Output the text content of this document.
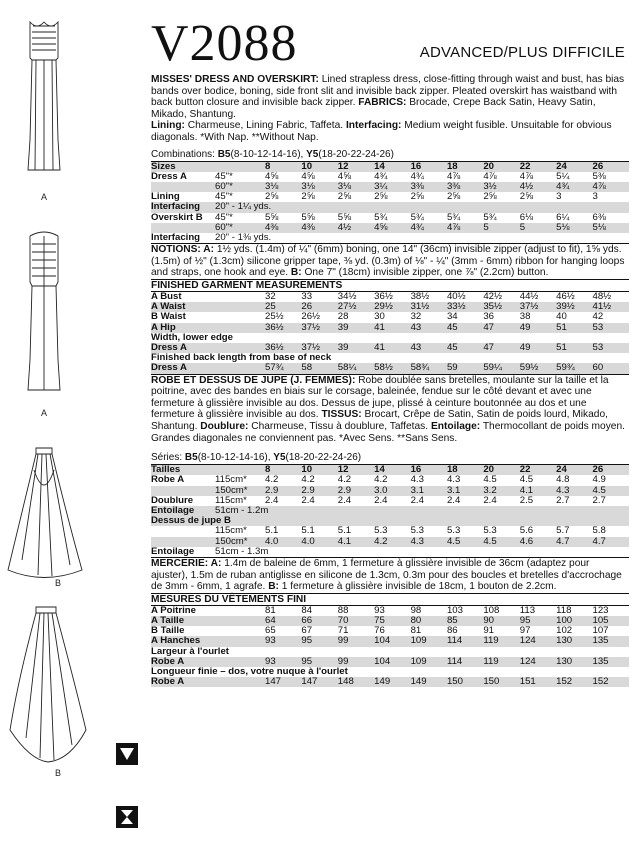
A
A
B
B
V2088	ADVANCED/PLUS DIFFICILE

MISSES' DRESS AND OVERSKIRT: Lined strapless dress, close-fitting through waist and bust, has bias bands over bodice, boning, side front slit and invisible back zipper. Pleated overskirt has waistband with back button closure and invisible back zipper. FABRICS: Brocade, Crepe Back Satin, Heavy Satin, Mikado, Shantung.
Lining: Charmeuse, Lining Fabric, Taffeta. Interfacing: Medium weight fusible. Unsuitable for obvious diagonals. *With Nap. **Without Nap.

Combinations: B5(8-10-12-14-16), Y5(18-20-22-24-26)
Sizes		8	10	12	14	16	18	20	22	24	26
Dress A	45"*	4⅝	4⅝	4⅝	4¾	4¾	4⅞	4⅞	4⅞	5¼	5⅜
	60"*	3⅛	3⅛	3⅛	3¼	3⅜	3⅜	3½	4½	4¾	4⅞
Lining	45"*	2⅝	2⅝	2⅝	2⅝	2⅝	2⅝	2⅝	2⅝	3	3
Interfacing	20" - 1¼ yds.										
Overskirt B	45"*	5⅝	5⅝	5⅝	5¾	5¾	5¾	5¾	6⅛	6¼	6⅜
	60"*	4⅜	4⅜	4½	4⅝	4¾	4⅞	5	5	5⅛	5⅛
Interfacing	20" - 1⅜ yds.										

NOTIONS: A: 1½ yds. (1.4m) of ¼" (6mm) boning, one 14" (36cm) invisible zipper (adjust to fit), 1⅝ yds. (1.5m) of ½" (1.3cm) silicone gripper tape, ⅜ yd. (0.3m) of ⅛" - ¼" (3mm - 6mm) ribbon for hanging loops and straps, one hook and eye. B: One 7" (18cm) invisible zipper, one ⅞" (2.2cm) button.

FINISHED GARMENT MEASUREMENTS
A Bust	32	33	34½	36½	38½	40½	42½	44½	46½	48½
A Waist	25	26	27½	29½	31½	33½	35½	37½	39½	41½
B Waist	25½	26½	28	30	32	34	36	38	40	42
A Hip	36½	37½	39	41	43	45	47	49	51	53
Width, lower edge										
Dress A	36½	37½	39	41	43	45	47	49	51	53
Finished back length from base of neck										
Dress A	57¾	58	58¼	58½	58¾	59	59¼	59½	59¾	60

ROBE ET DESSUS DE JUPE (J. FEMMES): Robe doublée sans bretelles, moulante sur la taille et la poitrine, avec des bandes en biais sur le corsage, baleinée, fendue sur le côté devant et avec une fermeture à glissière invisible au dos. Dessus de jupe, plissé à ceinture boutonnée au dos et une fermeture à glissière invisible au dos. TISSUS: Brocart, Crêpe de Satin, Satin de poids lourd, Mikado, Shantung. Doublure: Charmeuse, Tissu à doublure, Taffetas. Entoilage: Thermocollant de poids moyen. Grandes diagonales ne conviennent pas. *Avec Sens. **Sans Sens.

Séries: B5(8-10-12-14-16), Y5(18-20-22-24-26)
Tailles		8	10	12	14	16	18	20	22	24	26
Robe A	115cm*	4.2	4.2	4.2	4.2	4.3	4.3	4.5	4.5	4.8	4.9
	150cm*	2.9	2.9	2.9	3.0	3.1	3.1	3.2	4.1	4.3	4.5
Doublure	115cm*	2.4	2.4	2.4	2.4	2.4	2.4	2.4	2.5	2.7	2.7
Entoilage	51cm - 1.2m										
Dessus de jupe B											
	115cm*	5.1	5.1	5.1	5.3	5.3	5.3	5.3	5.6	5.7	5.8
	150cm*	4.0	4.0	4.1	4.2	4.3	4.5	4.5	4.6	4.7	4.7
Entoilage	51cm - 1.3m										

MERCERIE: A: 1.4m de baleine de 6mm, 1 fermeture à glissière invisible de 36cm (adaptez pour ajuster), 1.5m de ruban antiglisse en silicone de 1.3cm, 0.3m pour des boucles et bretelles d'accrochage de 3mm - 6mm, 1 agrafe. B: 1 fermeture à glissière invisible de 18cm, 1 bouton de 2.2cm.

MESURES DU VÊTEMENTS FINI
A Poitrine	81	84	88	93	98	103	108	113	118	123
A Taille	64	66	70	75	80	85	90	95	100	105
B Taille	65	67	71	76	81	86	91	97	102	107
A Hanches	93	95	99	104	109	114	119	124	130	135
Largeur à l'ourlet										
Robe A	93	95	99	104	109	114	119	124	130	135
Longueur finie – dos, votre nuque à l'ourlet										
Robe A	147	147	148	149	149	150	150	151	152	152
